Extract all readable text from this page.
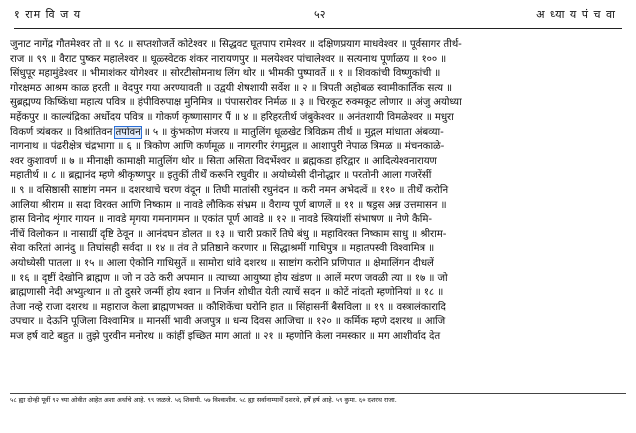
१ राम वि ज य	५२	अ ध्या य पं च वा
जुनाट नागेंद्र गौतमेश्वर तो ॥ ९८ ॥ सप्तशोजर्ते कोटेश्वर ॥ सिद्धवट घूतपाप रामेश्वर ॥ दक्षिणप्रयाग माधवेश्वर ॥ पूर्वसागर तीर्थ-
राज ॥ ९९ ॥ वैराट पुष्कर महालेश्वर ॥ धूळ्स्वेटक शंकर नारायणपुर ॥ मलयेश्वर पांचालेश्वर ॥ सत्यनाथ पूर्णाळय ॥ १०० ॥
सिंधुपूर महामुंडेश्वर ॥ भीमाशंकर योगेश्वर ॥ सोरटीसोमनाथ लिंग थोर ॥ भीमकी पुष्पावर्ते ॥ १ ॥ शिवकांची विष्णुकांची ॥
गोरक्षमठ आश्रम काळ हरती ॥ वेदपुर गया अरण्यावती ॥ उद्वयी शेषशायी सर्वेश ॥ २ ॥ त्रिपती अहोबळ स्वामीकार्तिक सत्य ॥
सुब्रह्मण्य किष्किंधा महात्य पवित्र ॥ हंपीविरुपाक्ष मुनिमित्र ॥ पंपासरोवर निर्मळ ॥ ३ ॥ चिरकूट रुक्मकूट लोणार ॥ अंजु अयोध्या
महेंकपुर ॥ काल्यंद्रिका अर्धोदय पवित्र ॥ गोकर्ण कृष्णासागर पैं ॥ ४ ॥ हरिहरतीर्थ जंबुकेश्वर ॥ अनंतशायी विमळेश्वर ॥ मधुरा
विकर्ण त्र्यंबकर ॥ विश्रांतिवन तपोवन ॥ ५ ॥ कुंभकोण मंजरय ॥ मातुलिंग धूळखेट त्रिविक्रम तीर्थ ॥ मुद्गल मांधाता अंबव्या-
नागनाथ ॥ पंढरीक्षेत्र चंद्रभागा ॥ ६ ॥ त्रिकोण आणि कर्णमूळ ॥ नागरगीर रंगमुद्गल ॥ आशापुरी नेपाळ त्रिमळ ॥ मंचनकाळे-
श्वर कुशावर्ण ॥ ७ ॥ मीनाक्षी कामाक्षी मातुलिंग थोर ॥ सिता असिता विदर्भेश्वर ॥ ब्रह्मकडा हरिद्वार ॥ आदित्येश्वनारायण
महातीर्थ ॥ ८ ॥ ब्रह्मानंद म्हणे श्रीकृष्णपुर ॥ इतुकीं तीर्थें करूनि रघुवीर ॥ अयोध्येसी दीनोद्धार ॥ परतोनी आला गजरेंसीं
॥ ९ ॥ वसिष्ठासी साष्टांग नमन ॥ दशरथाचे चरण वंदून ॥ तिघी मातांसी रघुनंदन ॥ करी नमन अभेदत्वें ॥ ११० ॥ तीर्थें करोनि
आलिया श्रीराम ॥ सदा विरक्त आणि निष्काम ॥ नावडे लौकिक संभ्रम ॥ वैराग्य पूर्ण बाणलें ॥ ११ ॥ षड्रस अन्न उत्तमासन ॥
हास विनोद शृंगार गायन ॥ नावडे मृगया गमनागमन ॥ एकांत पूर्ण आवडे ॥ १२ ॥ नावडे स्त्रियांशीं संभाषण ॥ नेणे कैमि-
नींचें विलोकन ॥ नासाग्रीं दृष्टि ठेवून ॥ आनंदघन डोलत ॥ १३ ॥ चारी प्रकारें तिघे बंधु ॥ महाविरक्त निष्काम साधु ॥ श्रीराम-
सेवा करितां आनंदु ॥ तिघांसही सर्वदा ॥ १४ ॥ तंव ते प्रतिष्ठाने करणार ॥ सिद्धाश्रमीं गाधिपुत्र ॥ महातपस्वी विश्वामित्र ॥
अयोध्येसी पातला ॥ १५ ॥ आला ऐकोनि गाधिसुतें ॥ सामोरा धांवे दशरथ ॥ साष्टांग करोनि प्रणिपात ॥ क्षेमालिंगन दीधलें
॥ १६ ॥ दृष्टीं देखोनि ब्राह्मण ॥ जो न उठे करी अपमान ॥ त्याच्या आयुष्या होय खंडण ॥ आलें मरण जवळी त्या ॥ १७ ॥ जो
ब्राह्मणासी नेदी अभ्युत्थान ॥ तो दुसरे जन्मीं होय श्वान ॥ निर्जन शोधीत येती त्याचें सदन ॥ कोटें नांदतो म्हणोनियां ॥ १८ ॥
तेजा नव्हे राजा दशरथ ॥ महाराज केला ब्राह्मणभक्त ॥ कौशिकेंचा घरोनि हात ॥ सिंहासनीं बैसविला ॥ १९ ॥ वस्त्रालंकारादि
उपचार ॥ देऊनि पूजिला विश्वामित्र ॥ मानसीं भावी अजपुत्र ॥ धन्य दिवस आजिचा ॥ १२० ॥ कर्मिक म्हणे दशरथ ॥ आजि
मज हर्ष वाटे बहुत ॥ तुझे पुरवीन मनोरथ ॥ कांहीं इच्छित माग आतां ॥ २१ ॥ म्हणोनि केला नमस्कार ॥ मग आशीर्वाद देत
५८ ह्या दोन्ही पूर्वी ९२ च्या ओवीत आहेत अशा अर्थाचे आहे. ९९ जळजे. ५६ शिवायी. ५७ विश्वाशीव. ५८ ह्या सर्वानाम्यार्थें दशरथे, हर्षें हर्ष आहे. ५९ कुमा. ६० दशरथ राजा.
